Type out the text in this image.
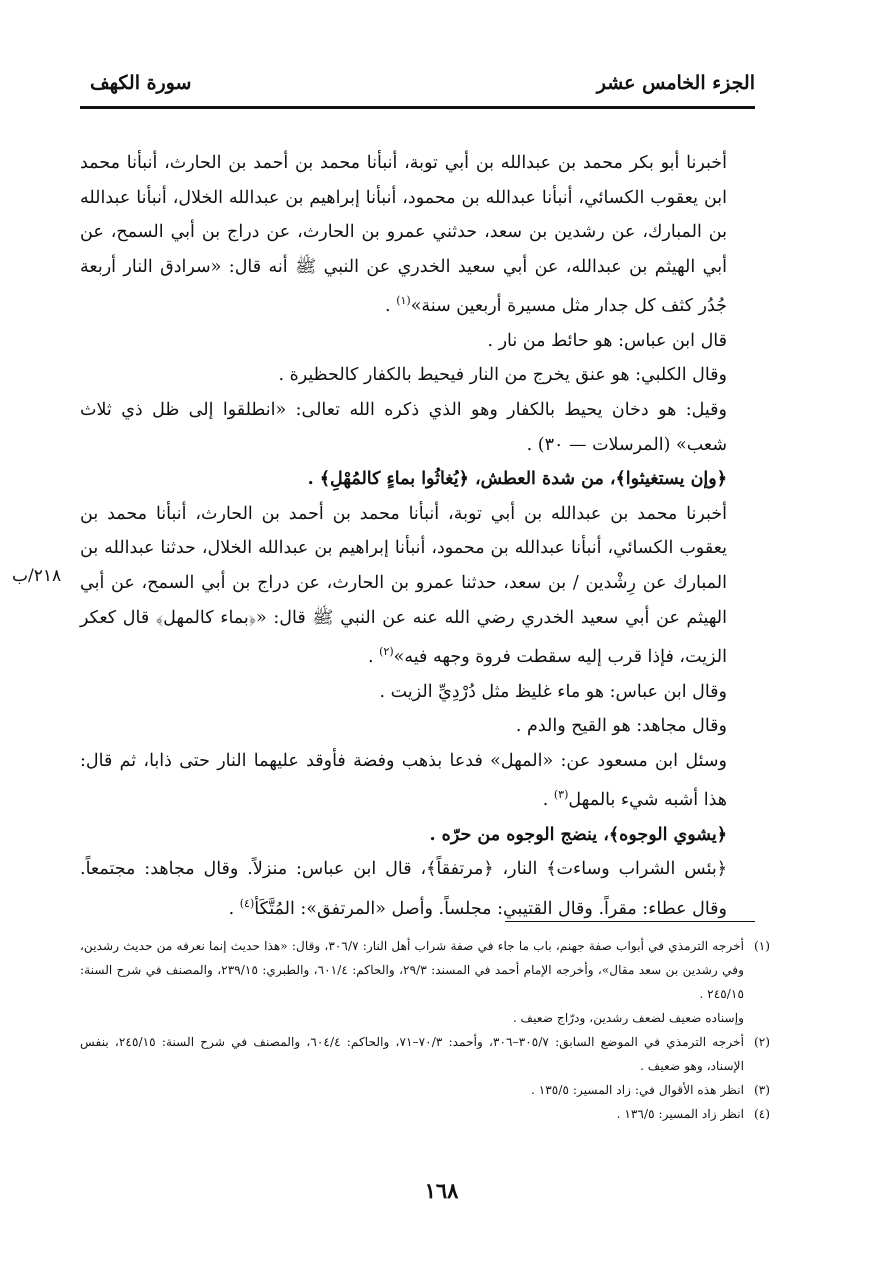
الجزء الخامس عشر
سورة الكهف
٢١٨/ب

أخبرنا أبو بكر محمد بن عبدالله بن أبي توبة، أنبأنا محمد بن أحمد بن الحارث، أنبأنا محمد ابن يعقوب الكسائي، أنبأنا عبدالله بن محمود، أنبأنا إبراهيم بن عبدالله الخلال، أنبأنا عبدالله بن المبارك، عن رشدين بن سعد، حدثني عمرو بن الحارث، عن دراج بن أبي السمح، عن أبي الهيثم بن عبدالله، عن أبي سعيد الخدري عن النبي ﷺ أنه قال: «سرادق النار أربعة جُدُر كثف كل جدار مثل مسيرة أربعين سنة»$^{(١)}$ .

قال ابن عباس: هو حائط من نار .

وقال الكلبي: هو عنق يخرج من النار فيحيط بالكفار كالحظيرة .

وقيل: هو دخان يحيط بالكفار وهو الذي ذكره الله تعالى: «انطلقوا إلى ظل ذي ثلاث شعب» (المرسلات — ٣٠) .

﴿وإن يستغيثوا﴾، من شدة العطش، ﴿يُغاثُوا بماءٍ كالمُهْلِ﴾ .

أخبرنا محمد بن عبدالله بن أبي توبة، أنبأنا محمد بن أحمد بن الحارث، أنبأنا محمد بن يعقوب الكسائي، أنبأنا عبدالله بن محمود، أنبأنا إبراهيم بن عبدالله الخلال، حدثنا عبدالله بن المبارك عن رِشْدين / بن سعد، حدثنا عمرو بن الحارث، عن دراج بن أبي السمح، عن أبي الهيثم عن أبي سعيد الخدري رضي الله عنه عن النبي ﷺ قال: «﴿بماء كالمهل﴾ قال كعكر الزيت، فإذا قرب إليه سقطت فروة وجهه فيه»$^{(٢)}$ .

وقال ابن عباس: هو ماء غليظ مثل دُرْدِيِّ الزيت .

وقال مجاهد: هو القيح والدم .

وسئل ابن مسعود عن: «المهل» فدعا بذهب وفضة فأوقد عليهما النار حتى ذابا، ثم قال: هذا أشبه شيء بالمهل$^{(٣)}$ .

﴿يشوي الوجوه﴾، ينضج الوجوه من حرّه .

﴿بئس الشراب وساءت﴾ النار، ﴿مرتفقاً﴾، قال ابن عباس: منزلاً. وقال مجاهد: مجتمعاً. وقال عطاء: مقراً. وقال القتيبي: مجلساً. وأصل «المرتفق»: المُتَّكَأ$^{(٤)}$ .

(١)
أخرجه الترمذي في أبواب صفة جهنم، باب ما جاء في صفة شراب أهل النار: ٣٠٦/٧، وقال: «هذا حديث إنما نعرفه من حديث رشدين، وفي رشدين بن سعد مقال»، وأخرجه الإمام أحمد في المسند: ٢٩/٣، والحاكم: ٦٠١/٤، والطبري: ٢٣٩/١٥، والمصنف في شرح السنة: ٢٤٥/١٥ .
وإسناده ضعيف لضعف رشدين، ودرّاج ضعيف .
(٢)
أخرجه الترمذي في الموضع السابق: ٣٠٥/٧–٣٠٦، وأحمد: ٧٠/٣–٧١، والحاكم: ٦٠٤/٤، والمصنف في شرح السنة: ٢٤٥/١٥، بنفس الإسناد، وهو ضعيف .
(٣)
انظر هذه الأقوال في: زاد المسير: ١٣٥/٥ .
(٤)
انظر زاد المسير: ١٣٦/٥ .
١٦٨
